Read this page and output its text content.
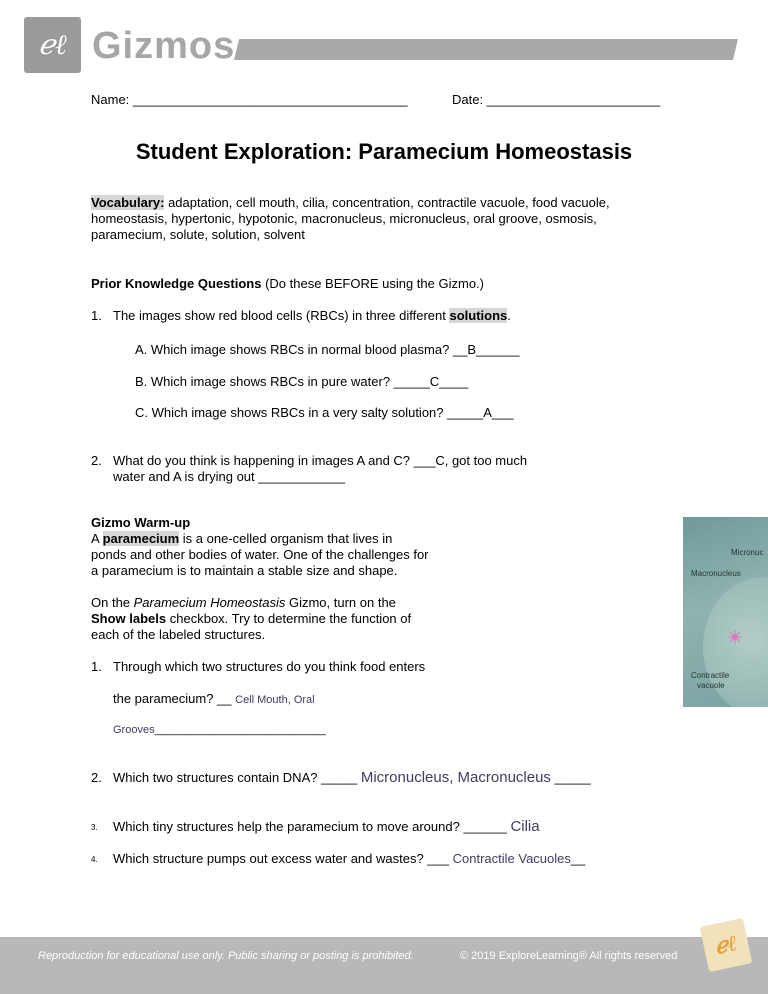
ℯℓ Gizmos
Name: ______________________________________	Date: ________________________
Student Exploration: Paramecium Homeostasis
Vocabulary: adaptation, cell mouth, cilia, concentration, contractile vacuole, food vacuole,
homeostasis, hypertonic, hypotonic, macronucleus, micronucleus, oral groove, osmosis,
paramecium, solute, solution, solvent
Prior Knowledge Questions (Do these BEFORE using the Gizmo.)
1. The images show red blood cells (RBCs) in three different solutions.
A. Which image shows RBCs in normal blood plasma? __B______
B. Which image shows RBCs in pure water? _____C____
C. Which image shows RBCs in a very salty solution? _____A___
2. What do you think is happening in images A and C? ___C, got too much
water and A is drying out ____________
Gizmo Warm-up
A paramecium is a one-celled organism that lives in
ponds and other bodies of water. One of the challenges for
a paramecium is to maintain a stable size and shape.
On the Paramecium Homeostasis Gizmo, turn on the
Show labels checkbox. Try to determine the function of
each of the labeled structures.
1. Through which two structures do you think food enters
the paramecium? __ Cell Mouth, Oral
Grooves____________________________
2. Which two structures contain DNA? _____ Micronucleus, Macronucleus _____
3. Which tiny structures help the paramecium to move around? ______ Cilia
4. Which structure pumps out excess water and wastes? ___ Contractile Vacuoles__
Micronuc
Macronucleus
Contractile
vacuole
Reproduction for educational use only. Public sharing or posting is prohibited.	© 2019 ExploreLearning® All rights reserved	ℯℓ
